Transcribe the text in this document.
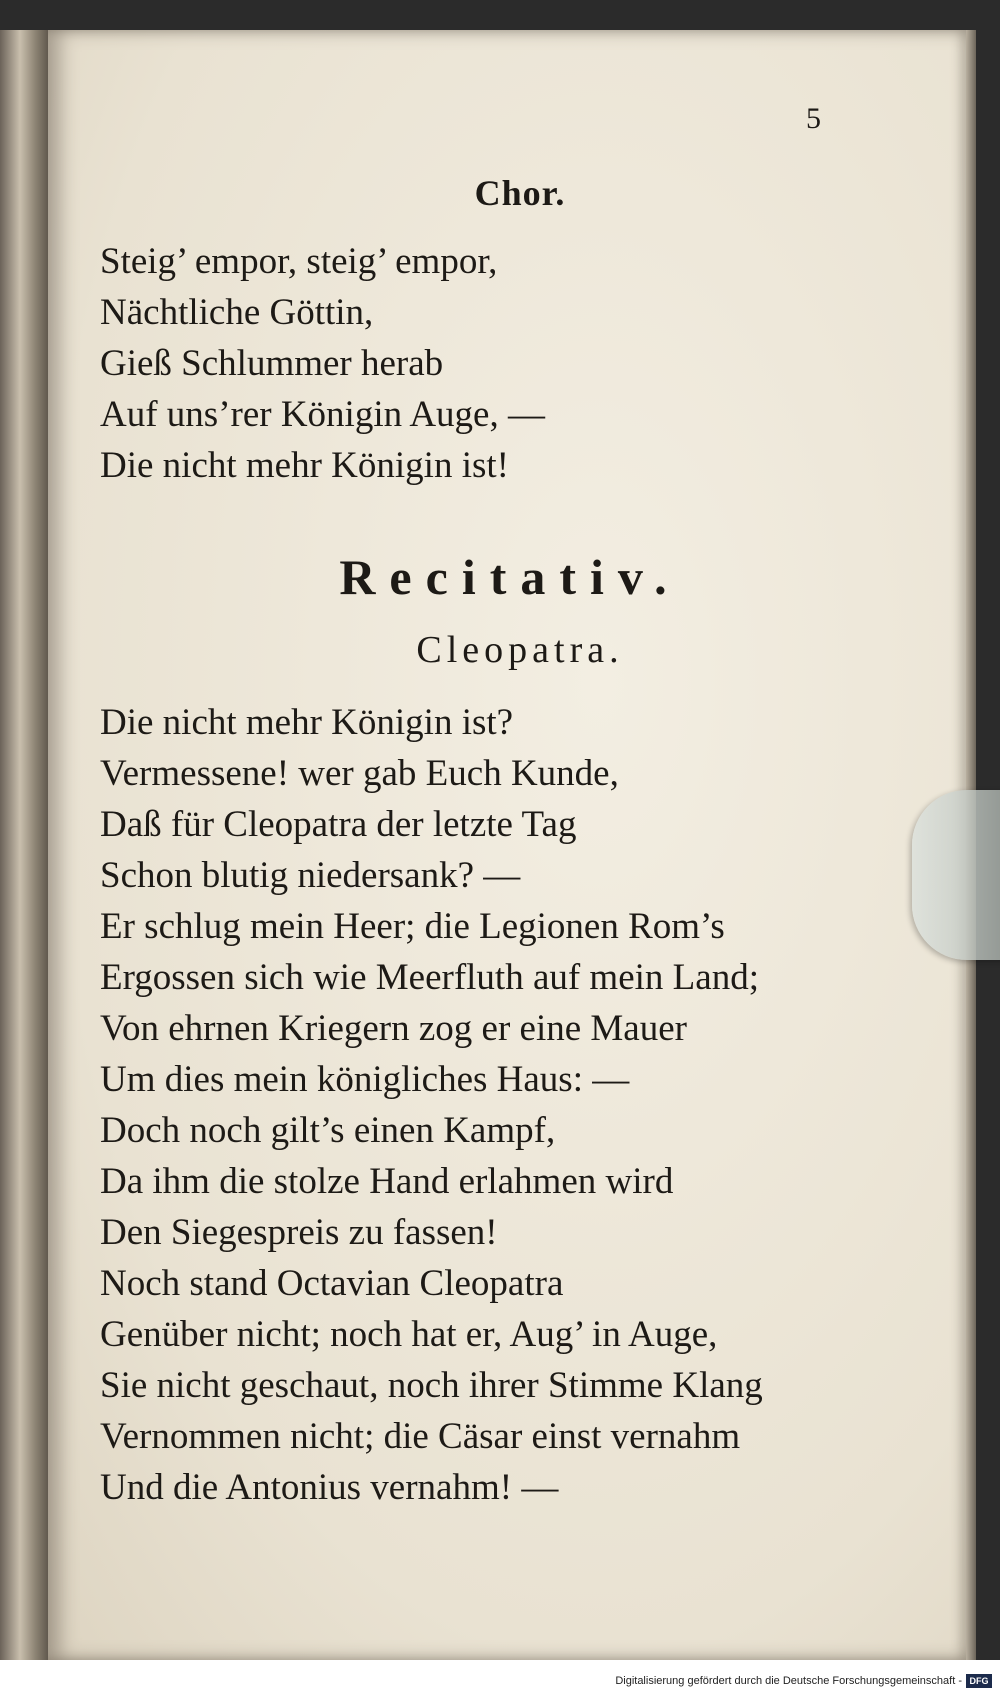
5
Chor.
Steig’ empor, steig’ empor,
Nächtliche Göttin,
Gieß Schlummer herab
Auf uns’rer Königin Auge, —
Die nicht mehr Königin ist!
Recitativ.
Cleopatra.
Die nicht mehr Königin ist?
Vermessene! wer gab Euch Kunde,
Daß für Cleopatra der letzte Tag
Schon blutig niedersank? —
Er schlug mein Heer; die Legionen Rom’s
Ergossen sich wie Meerfluth auf mein Land;
Von ehrnen Kriegern zog er eine Mauer
Um dies mein königliches Haus: —
Doch noch gilt’s einen Kampf,
Da ihm die stolze Hand erlahmen wird
Den Siegespreis zu fassen!
Noch stand Octavian Cleopatra
Genüber nicht; noch hat er, Aug’ in Auge,
Sie nicht geschaut, noch ihrer Stimme Klang
Vernommen nicht; die Cäsar einst vernahm
Und die Antonius vernahm! —
Digitalisierung gefördert durch die Deutsche Forschungsgemeinschaft - DFG
